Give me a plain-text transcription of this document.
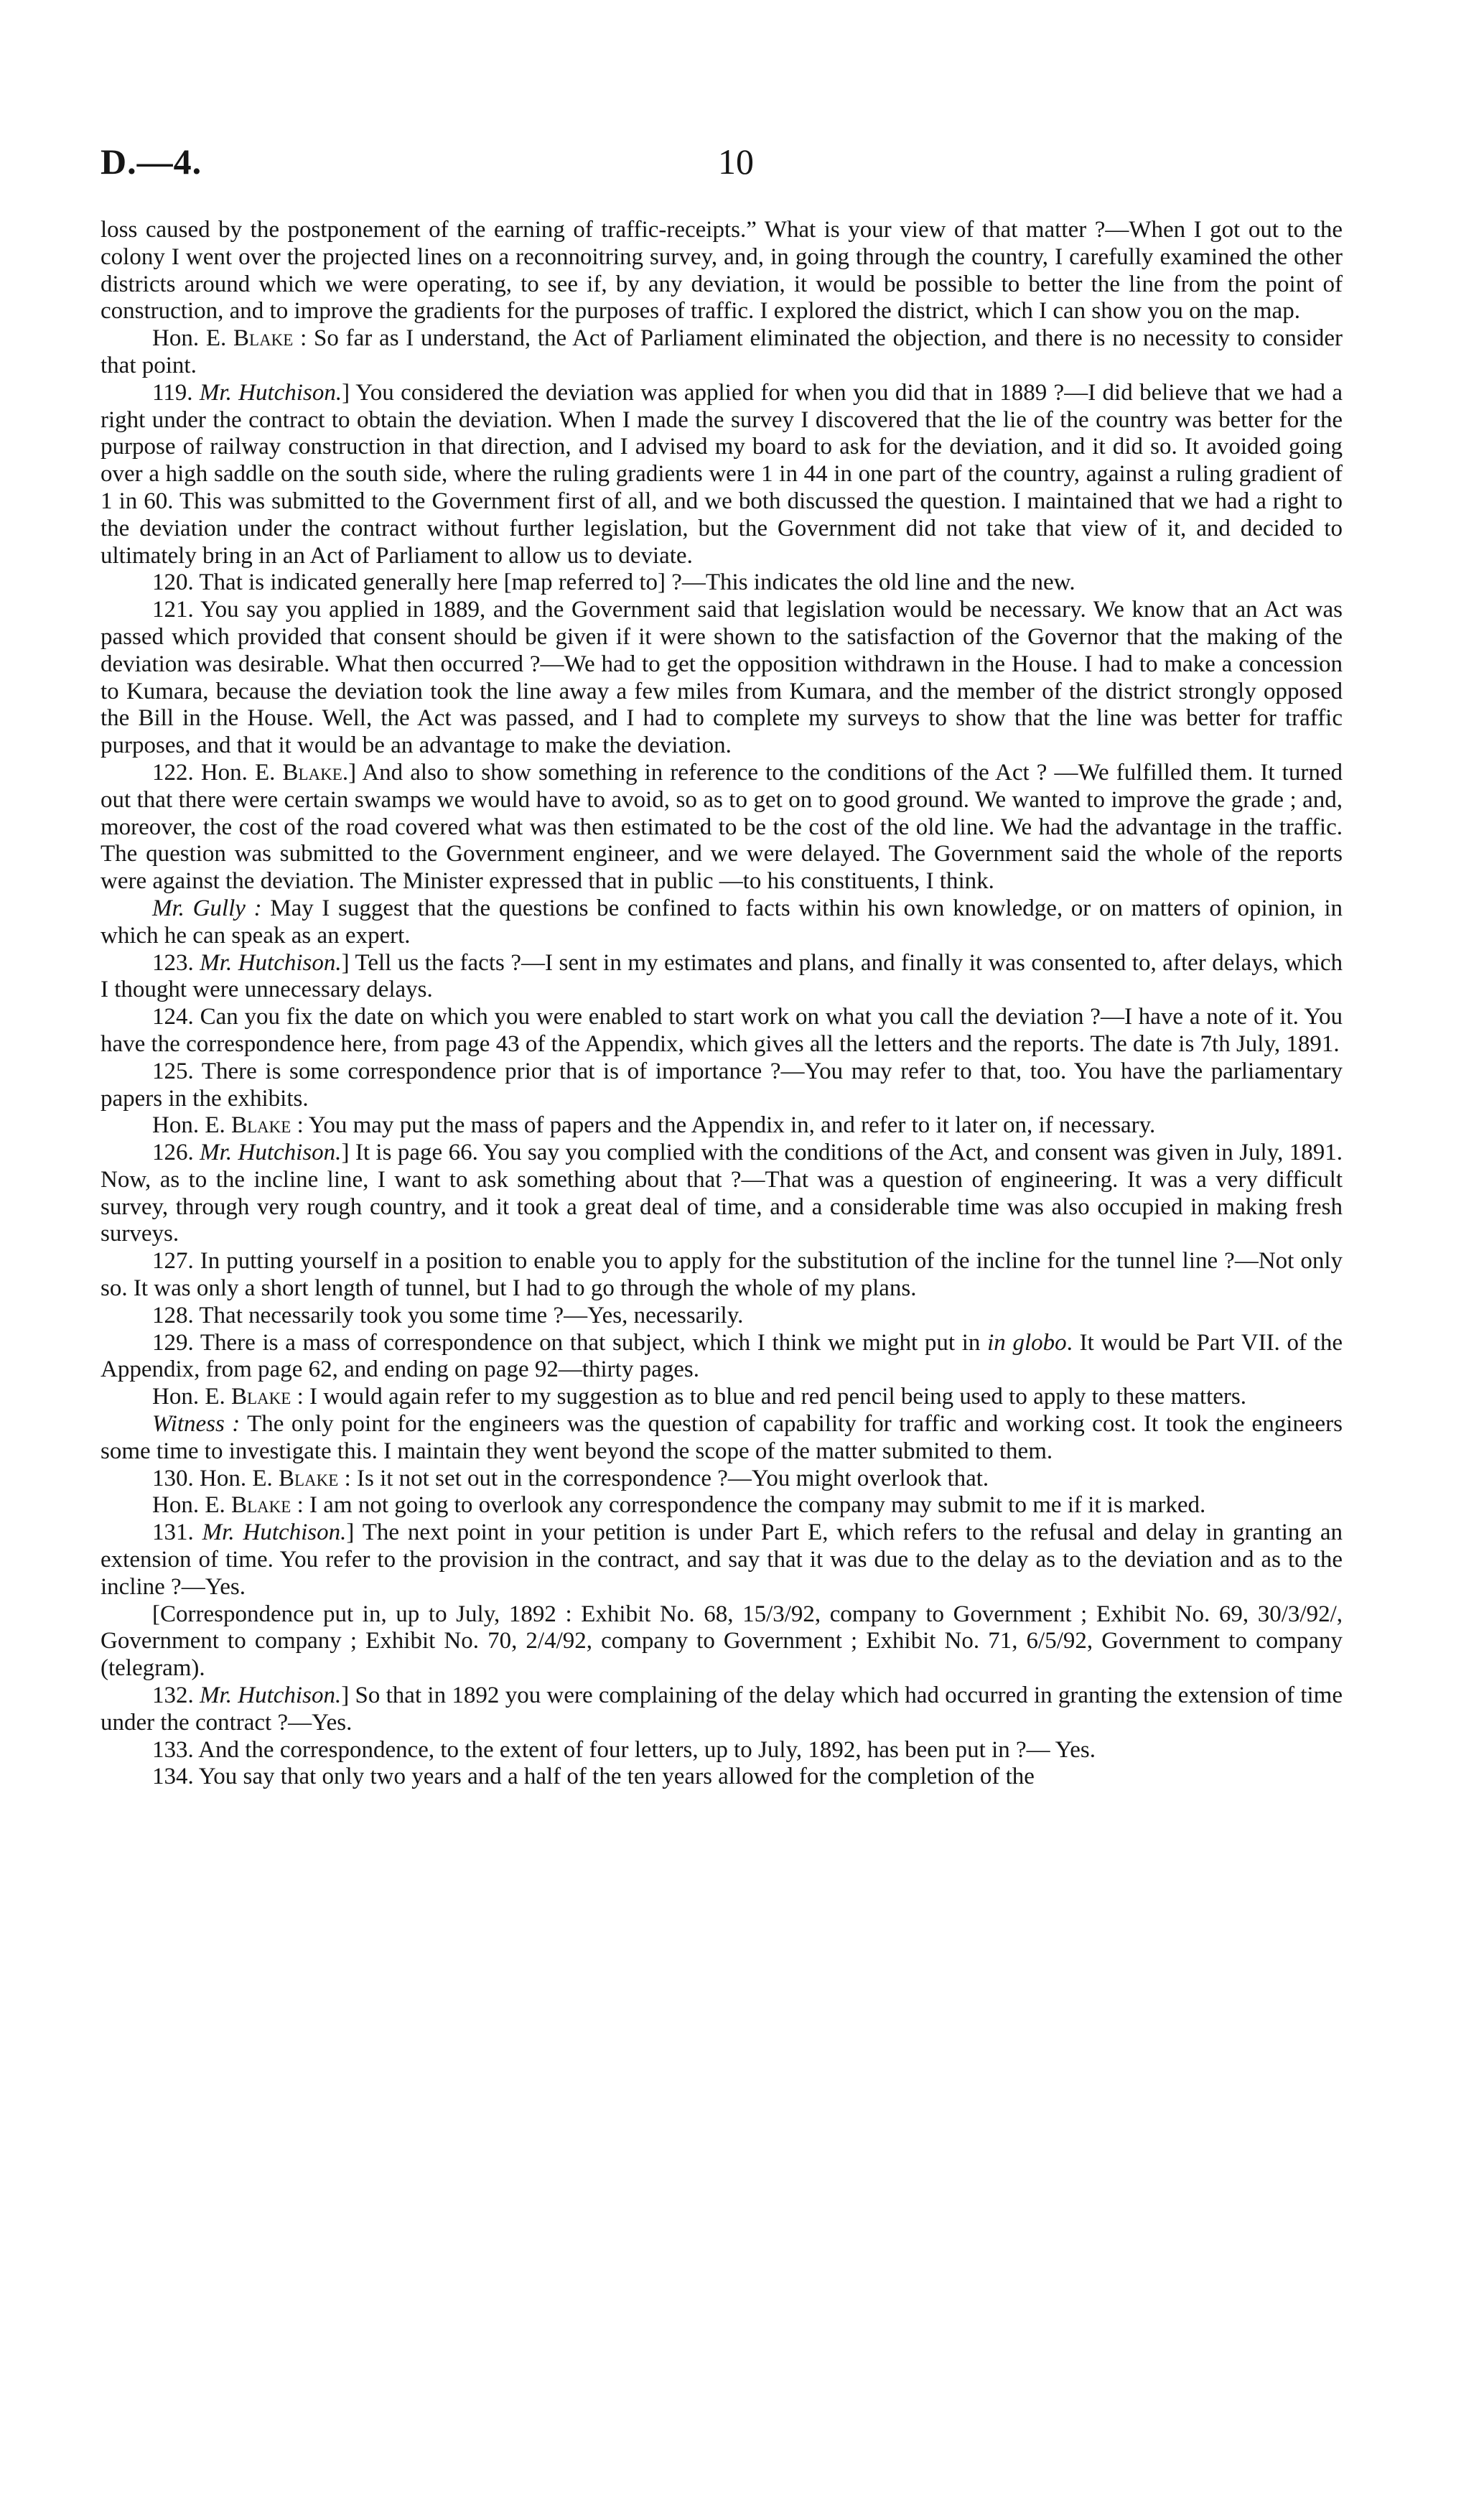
D.—4.	10

loss caused by the postponement of the earning of traffic-receipts.” What is your view of that matter ?—When I got out to the colony I went over the projected lines on a reconnoitring survey, and, in going through the country, I carefully examined the other districts around which we were operating, to see if, by any deviation, it would be possible to better the line from the point of construction, and to improve the gradients for the purposes of traffic. I explored the district, which I can show you on the map.

Hon. E. Blake : So far as I understand, the Act of Parliament eliminated the objection, and there is no necessity to consider that point.

119. Mr. Hutchison.] You considered the deviation was applied for when you did that in 1889 ?—I did believe that we had a right under the contract to obtain the deviation. When I made the survey I discovered that the lie of the country was better for the purpose of railway construction in that direction, and I advised my board to ask for the deviation, and it did so. It avoided going over a high saddle on the south side, where the ruling gradients were 1 in 44 in one part of the country, against a ruling gradient of 1 in 60. This was submitted to the Government first of all, and we both discussed the question. I maintained that we had a right to the deviation under the contract without further legislation, but the Government did not take that view of it, and decided to ultimately bring in an Act of Parliament to allow us to deviate.

120. That is indicated generally here [map referred to] ?—This indicates the old line and the new.

121. You say you applied in 1889, and the Government said that legislation would be necessary. We know that an Act was passed which provided that consent should be given if it were shown to the satisfaction of the Governor that the making of the deviation was desirable. What then occurred ?—We had to get the opposition withdrawn in the House. I had to make a concession to Kumara, because the deviation took the line away a few miles from Kumara, and the member of the district strongly opposed the Bill in the House. Well, the Act was passed, and I had to complete my surveys to show that the line was better for traffic purposes, and that it would be an advantage to make the deviation.

122. Hon. E. Blake.] And also to show something in reference to the conditions of the Act ? —We fulfilled them. It turned out that there were certain swamps we would have to avoid, so as to get on to good ground. We wanted to improve the grade ; and, moreover, the cost of the road covered what was then estimated to be the cost of the old line. We had the advantage in the traffic. The question was submitted to the Government engineer, and we were delayed. The Government said the whole of the reports were against the deviation. The Minister expressed that in public —to his constituents, I think.

Mr. Gully : May I suggest that the questions be confined to facts within his own knowledge, or on matters of opinion, in which he can speak as an expert.

123. Mr. Hutchison.] Tell us the facts ?—I sent in my estimates and plans, and finally it was consented to, after delays, which I thought were unnecessary delays.

124. Can you fix the date on which you were enabled to start work on what you call the deviation ?—I have a note of it. You have the correspondence here, from page 43 of the Appendix, which gives all the letters and the reports. The date is 7th July, 1891.

125. There is some correspondence prior that is of importance ?—You may refer to that, too. You have the parliamentary papers in the exhibits.

Hon. E. Blake : You may put the mass of papers and the Appendix in, and refer to it later on, if necessary.

126. Mr. Hutchison.] It is page 66. You say you complied with the conditions of the Act, and consent was given in July, 1891. Now, as to the incline line, I want to ask something about that ?—That was a question of engineering. It was a very difficult survey, through very rough country, and it took a great deal of time, and a considerable time was also occupied in making fresh surveys.

127. In putting yourself in a position to enable you to apply for the substitution of the incline for the tunnel line ?—Not only so. It was only a short length of tunnel, but I had to go through the whole of my plans.

128. That necessarily took you some time ?—Yes, necessarily.

129. There is a mass of correspondence on that subject, which I think we might put in in globo. It would be Part VII. of the Appendix, from page 62, and ending on page 92—thirty pages.

Hon. E. Blake : I would again refer to my suggestion as to blue and red pencil being used to apply to these matters.

Witness : The only point for the engineers was the question of capability for traffic and working cost. It took the engineers some time to investigate this. I maintain they went beyond the scope of the matter submited to them.

130. Hon. E. Blake : Is it not set out in the correspondence ?—You might overlook that.

Hon. E. Blake : I am not going to overlook any correspondence the company may submit to me if it is marked.

131. Mr. Hutchison.] The next point in your petition is under Part E, which refers to the refusal and delay in granting an extension of time. You refer to the provision in the contract, and say that it was due to the delay as to the deviation and as to the incline ?—Yes.

[Correspondence put in, up to July, 1892 : Exhibit No. 68, 15/3/92, company to Government ; Exhibit No. 69, 30/3/92/, Government to company ; Exhibit No. 70, 2/4/92, company to Government ; Exhibit No. 71, 6/5/92, Government to company (telegram).

132. Mr. Hutchison.] So that in 1892 you were complaining of the delay which had occurred in granting the extension of time under the contract ?—Yes.

133. And the correspondence, to the extent of four letters, up to July, 1892, has been put in ?— Yes.

134. You say that only two years and a half of the ten years allowed for the completion of the
